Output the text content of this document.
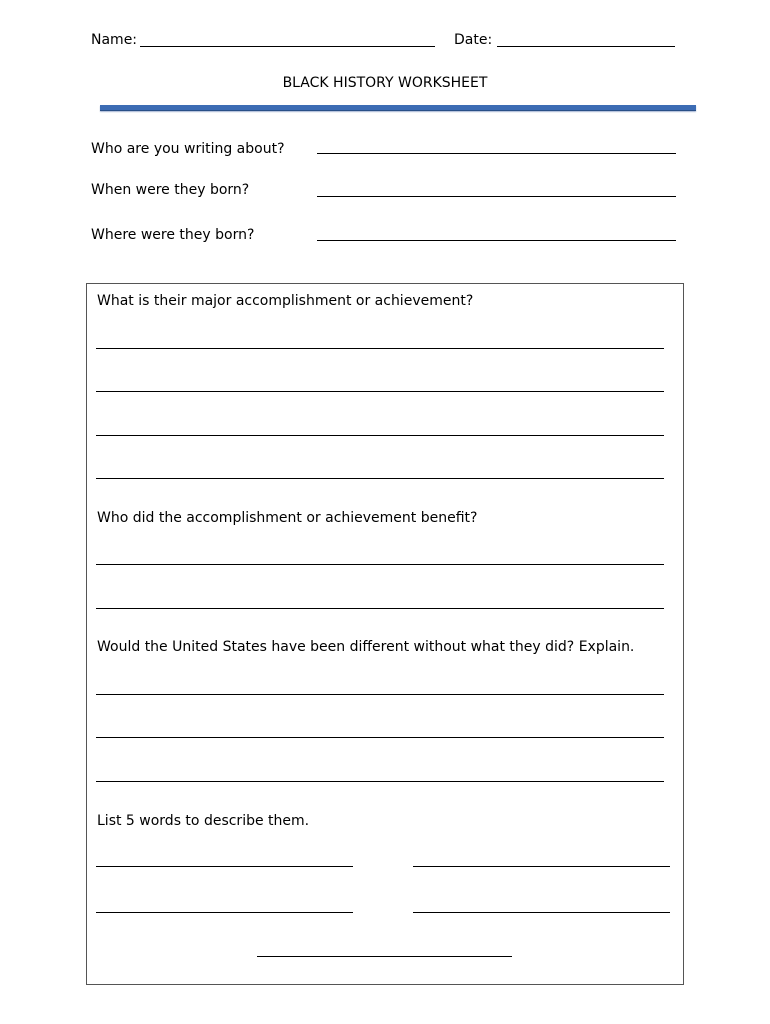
Name:	Date:
BLACK HISTORY WORKSHEET
Who are you writing about?
When were they born?
Where were they born?
What is their major accomplishment or achievement?
Who did the accomplishment or achievement benefit?
Would the United States have been different without what they did? Explain.
List 5 words to describe them.
